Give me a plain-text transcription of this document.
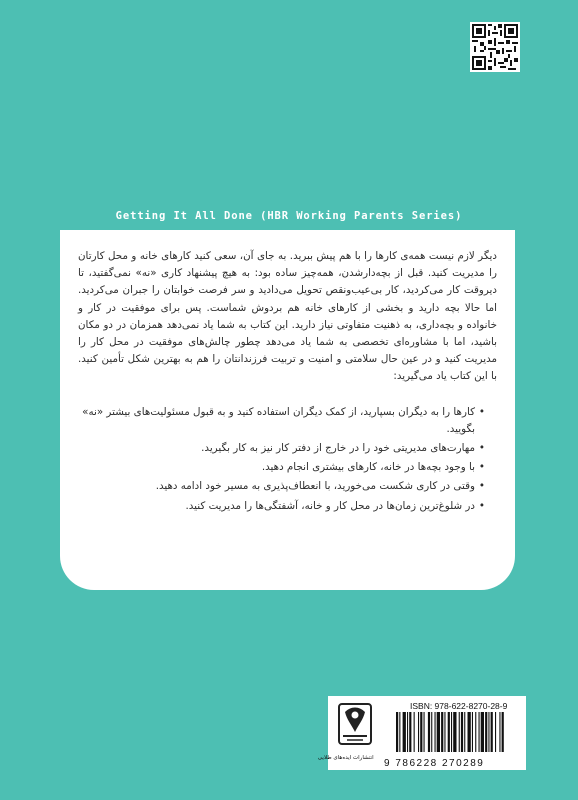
Getting It All Done (HBR Working Parents Series)

دیگر لازم نیست همه‌ی کارها را با هم پیش ببرید. به جای آن، سعی کنید کارهای خانه و محل کارتان را مدیریت کنید. قبل از بچه‌دارشدن، همه‌چیز ساده بود: به هیچ پیشنهاد کاری «نه» نمی‌گفتید، تا دیروقت کار می‌کردید، کار بی‌عیب‌ونقص تحویل می‌دادید و سر فرصت خوابتان را جبران می‌کردید. اما حالا بچه دارید و بخشی از کارهای خانه هم بردوش شماست. پس برای موفقیت در کار و خانواده و بچه‌داری، به ذهنیت متفاوتی نیاز دارید. این کتاب به شما یاد نمی‌دهد همزمان در دو مکان باشید، اما با مشاوره‌ای تخصصی به شما یاد می‌دهد چطور چالش‌های موفقیت در محل کار را مدیریت کنید و در عین حال سلامتی و امنیت و تربیت فرزندانتان را هم به بهترین شکل تأمین کنید. با این کتاب یاد می‌گیرید:

• کارها را به دیگران بسپارید، از کمک دیگران استفاده کنید و به قبول مسئولیت‌های بیشتر «نه» بگویید.
• مهارت‌های مدیریتی خود را در خارج از دفتر کار نیز به کار بگیرید.
• با وجود بچه‌ها در خانه، کارهای بیشتری انجام دهید.
• وقتی در کاری شکست می‌خورید، با انعطاف‌پذیری به مسیر خود ادامه دهید.
• در شلوغ‌ترین زمان‌ها در محل کار و خانه، آشفتگی‌ها را مدیریت کنید.
انتشارات ایده‌های طلایی
ISBN: 978-622-8270-28-9
9 786228 270289
